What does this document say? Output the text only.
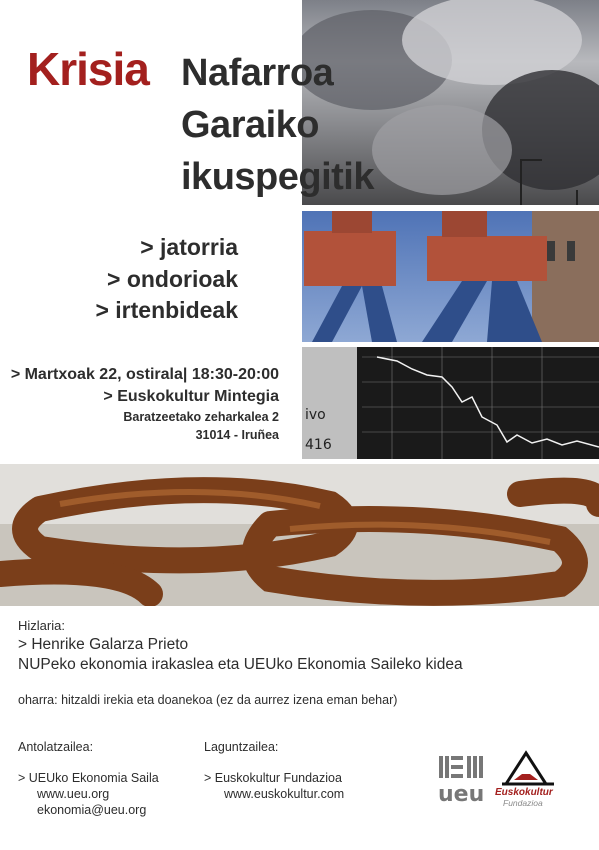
ivo
416
Krisia Nafarroa
Garaiko
ikuspegitik
> jatorria
> ondorioak
> irtenbideak
> Martxoak 22, ostirala| 18:30-20:00
> Euskokultur Mintegia
Baratzeetako zeharkalea 2
31014 - Iruñea
Hizlaria:
> Henrike Galarza Prieto
NUPeko ekonomia irakaslea eta UEUko Ekonomia Saileko kidea
oharra: hitzaldi irekia eta doanekoa (ez da aurrez izena eman behar)
Antolatzailea:
> UEUko Ekonomia Saila
www.ueu.org
ekonomia@ueu.org
Laguntzailea:
> Euskokultur Fundazioa
www.euskokultur.com	ueu Euskokultur
Fundazioa
